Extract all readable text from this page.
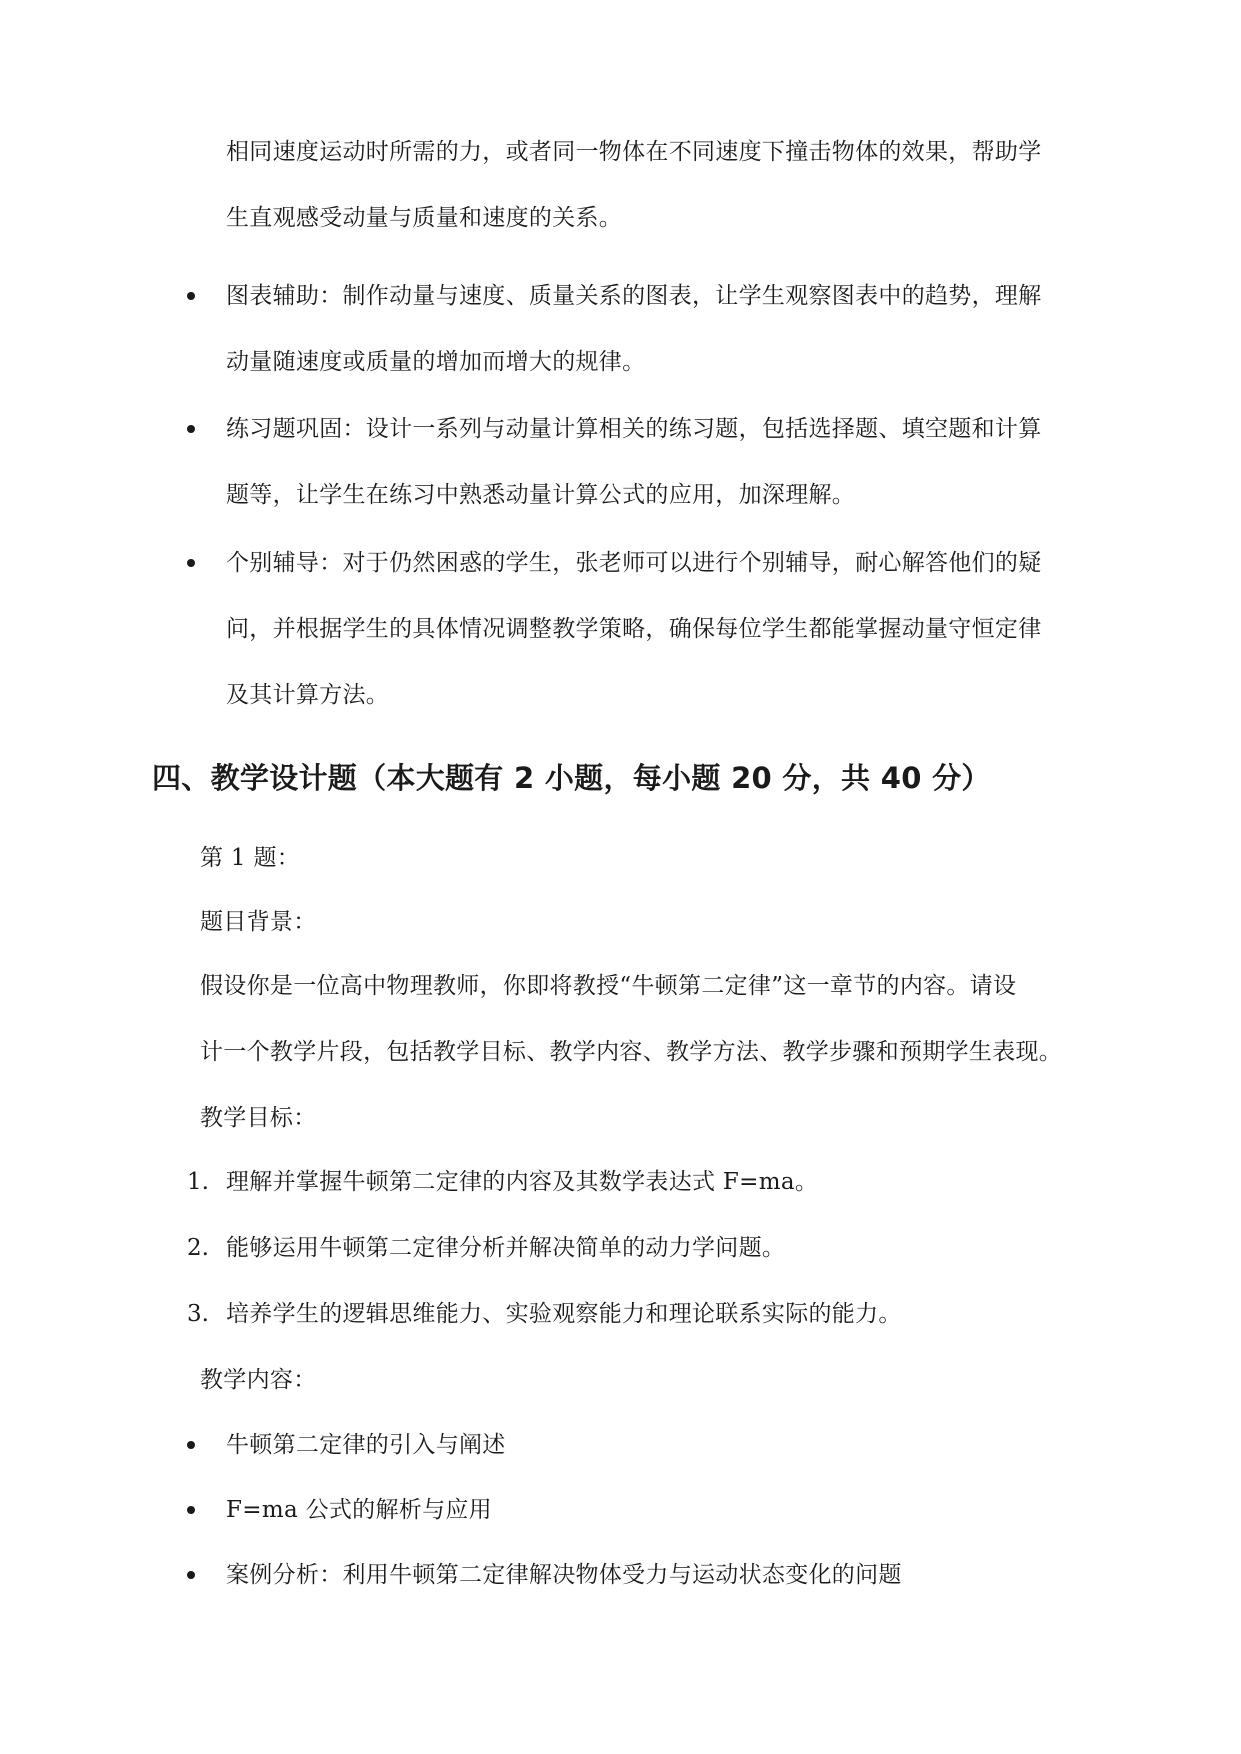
相同速度运动时所需的力，或者同一物体在不同速度下撞击物体的效果，帮助学
生直观感受动量与质量和速度的关系。
图表辅助：制作动量与速度、质量关系的图表，让学生观察图表中的趋势，理解
动量随速度或质量的增加而增大的规律。
练习题巩固：设计一系列与动量计算相关的练习题，包括选择题、填空题和计算
题等，让学生在练习中熟悉动量计算公式的应用，加深理解。
个别辅导：对于仍然困惑的学生，张老师可以进行个别辅导，耐心解答他们的疑
问，并根据学生的具体情况调整教学策略，确保每位学生都能掌握动量守恒定律
及其计算方法。
四、教学设计题（本大题有 2 小题，每小题 20 分，共 40 分）
第 1 题：
题目背景：
假设你是一位高中物理教师，你即将教授“牛顿第二定律”这一章节的内容。请设
计一个教学片段，包括教学目标、教学内容、教学方法、教学步骤和预期学生表现。
教学目标：
1. 理解并掌握牛顿第二定律的内容及其数学表达式 F=ma。
2. 能够运用牛顿第二定律分析并解决简单的动力学问题。
3. 培养学生的逻辑思维能力、实验观察能力和理论联系实际的能力。
教学内容：
牛顿第二定律的引入与阐述
F=ma 公式的解析与应用
案例分析：利用牛顿第二定律解决物体受力与运动状态变化的问题
